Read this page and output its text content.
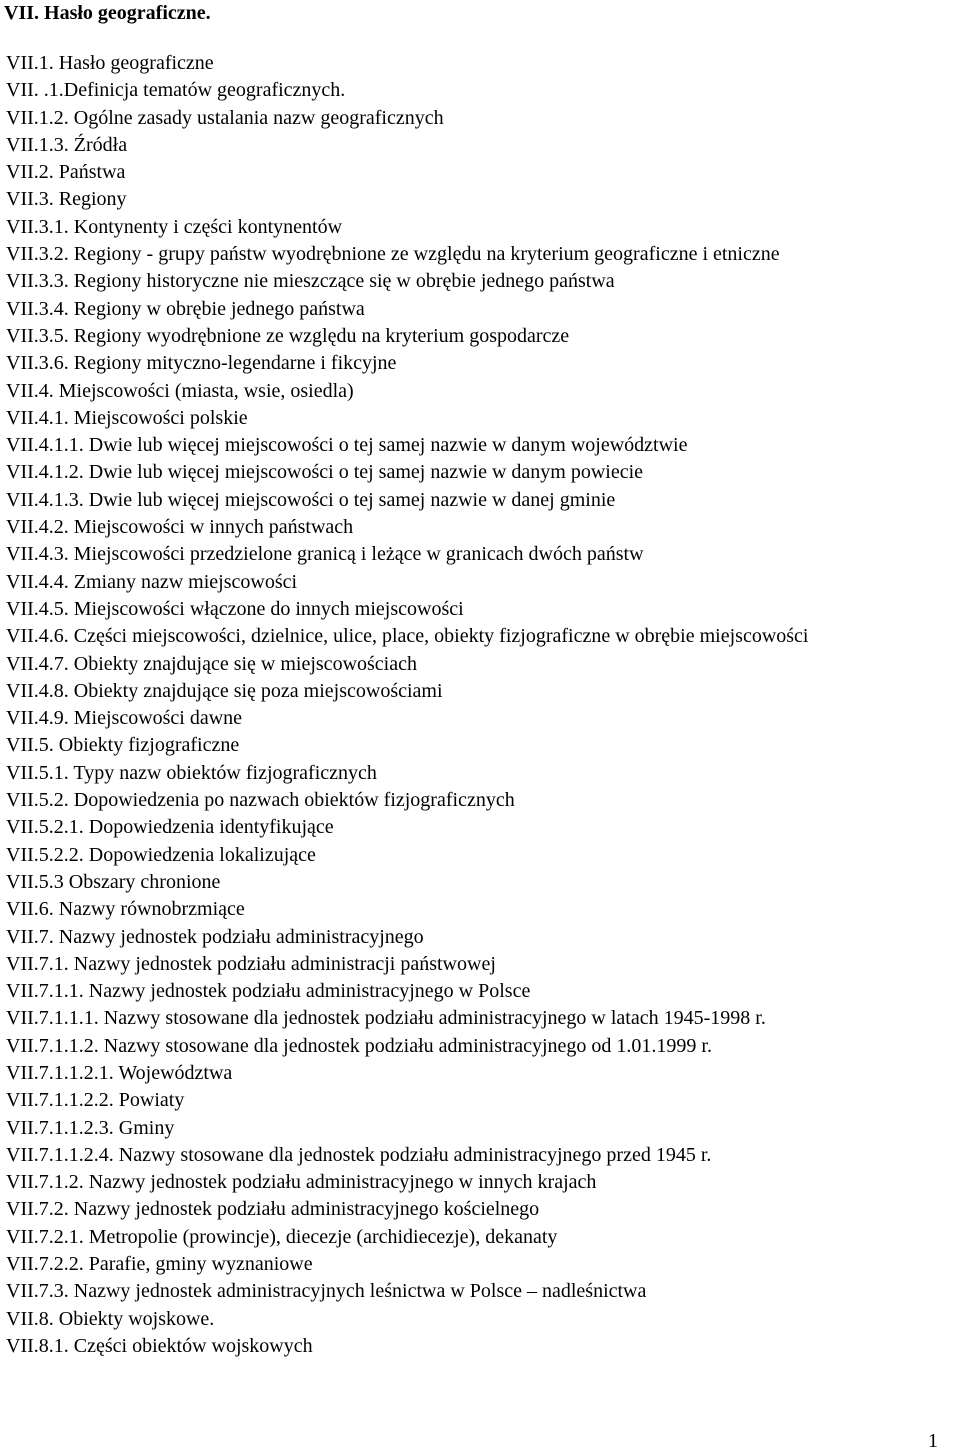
VII. Hasło geograficzne.
VII.1. Hasło geograficzne
VII. .1.Definicja tematów geograficznych.
VII.1.2. Ogólne zasady ustalania nazw geograficznych
VII.1.3. Źródła
VII.2. Państwa
VII.3. Regiony
VII.3.1. Kontynenty i części kontynentów
VII.3.2. Regiony - grupy państw wyodrębnione ze względu na kryterium geograficzne i etniczne
VII.3.3. Regiony historyczne nie mieszczące się w obrębie jednego państwa
VII.3.4. Regiony w obrębie jednego państwa
VII.3.5. Regiony wyodrębnione ze względu na kryterium gospodarcze
VII.3.6. Regiony mityczno-legendarne i fikcyjne
VII.4. Miejscowości (miasta, wsie, osiedla)
VII.4.1. Miejscowości polskie
VII.4.1.1. Dwie lub więcej miejscowości o tej samej nazwie w danym województwie
VII.4.1.2. Dwie lub więcej miejscowości o tej samej nazwie w danym powiecie
VII.4.1.3. Dwie lub więcej miejscowości o tej samej nazwie w danej gminie
VII.4.2. Miejscowości w innych państwach
VII.4.3. Miejscowości przedzielone granicą i leżące w granicach dwóch państw
VII.4.4. Zmiany nazw miejscowości
VII.4.5. Miejscowości włączone do innych miejscowości
VII.4.6. Części miejscowości, dzielnice, ulice, place, obiekty fizjograficzne w obrębie miejscowości
VII.4.7. Obiekty znajdujące się w miejscowościach
VII.4.8. Obiekty znajdujące się poza miejscowościami
VII.4.9. Miejscowości dawne
VII.5. Obiekty fizjograficzne
VII.5.1. Typy nazw obiektów fizjograficznych
VII.5.2. Dopowiedzenia po nazwach obiektów fizjograficznych
VII.5.2.1. Dopowiedzenia identyfikujące
VII.5.2.2. Dopowiedzenia lokalizujące
VII.5.3 Obszary chronione
VII.6. Nazwy równobrzmiące
VII.7. Nazwy jednostek podziału administracyjnego
VII.7.1. Nazwy jednostek podziału administracji państwowej
VII.7.1.1. Nazwy jednostek podziału administracyjnego w Polsce
VII.7.1.1.1. Nazwy stosowane dla jednostek podziału administracyjnego w latach 1945-1998 r.
VII.7.1.1.2. Nazwy stosowane dla jednostek podziału administracyjnego od 1.01.1999 r.
VII.7.1.1.2.1. Województwa
VII.7.1.1.2.2. Powiaty
VII.7.1.1.2.3. Gminy
VII.7.1.1.2.4. Nazwy stosowane dla jednostek podziału administracyjnego przed 1945 r.
VII.7.1.2. Nazwy jednostek podziału administracyjnego w innych krajach
VII.7.2. Nazwy jednostek podziału administracyjnego kościelnego
VII.7.2.1. Metropolie (prowincje), diecezje (archidiecezje), dekanaty
VII.7.2.2. Parafie, gminy wyznaniowe
VII.7.3. Nazwy jednostek administracyjnych leśnictwa w Polsce – nadleśnictwa
VII.8. Obiekty wojskowe.
VII.8.1. Części obiektów wojskowych
1
